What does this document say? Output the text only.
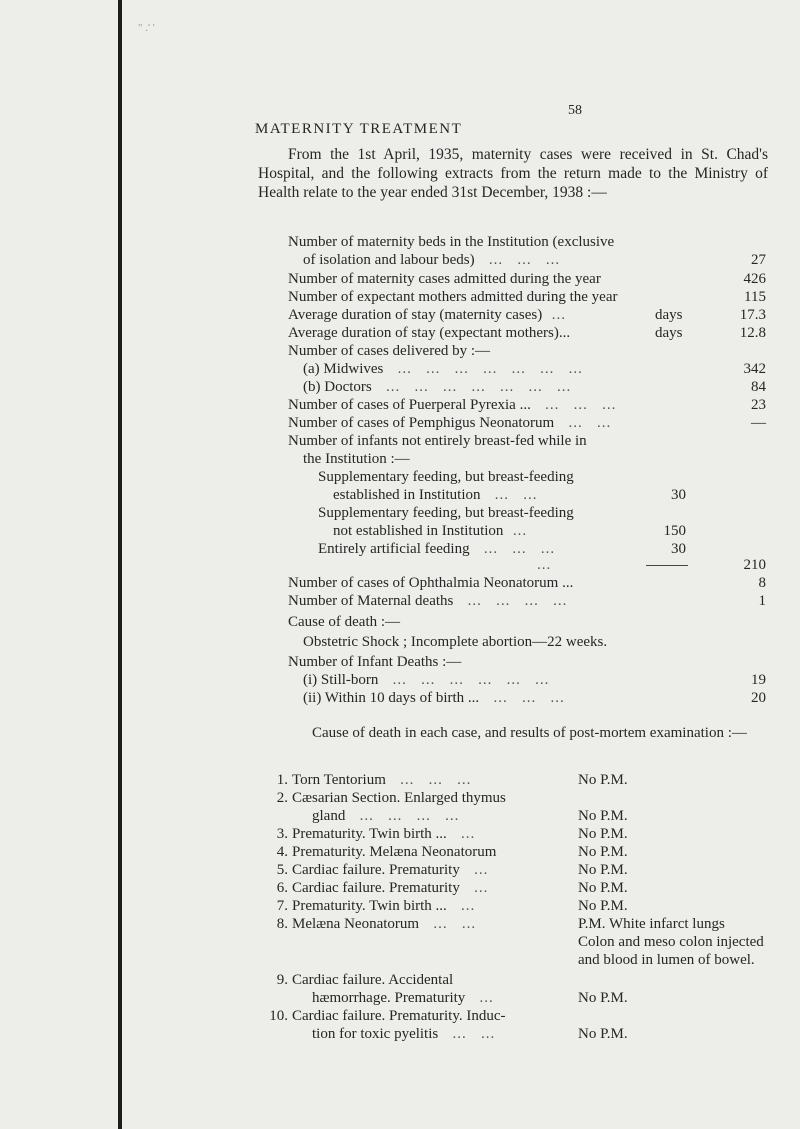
" .' '
58
MATERNITY TREATMENT

From the 1st April, 1935, maternity cases were received in St. Chad's Hospital, and the following extracts from the return made to the Ministry of Health relate to the year ended 31st December, 1938 :—

Number of maternity beds in the Institution (exclusive
of isolation and labour beds)   ...   ...   ...	27
Number of maternity cases admitted during the year	426
Number of expectant mothers admitted during the year	115
Average duration of stay (maternity cases)  ...	days	17.3
Average duration of stay (expectant mothers)...	days	12.8
Number of cases delivered by :—
(a) Midwives   ...   ...   ...   ...   ...   ...   ...	342
(b) Doctors   ...   ...   ...   ...   ...   ...   ...	84
Number of cases of Puerperal Pyrexia ...   ...   ...   ...	23
Number of cases of Pemphigus Neonatorum   ...   ...	—
Number of infants not entirely breast-fed while in
the Institution :—
Supplementary feeding, but breast-feeding
established in Institution   ...   ...	30
Supplementary feeding, but breast-feeding
not established in Institution  ...	150
Entirely artificial feeding   ...   ...   ...	30
...	210
Number of cases of Ophthalmia Neonatorum ...	8
Number of Maternal deaths   ...   ...   ...   ...	1
Cause of death :—
Obstetric Shock ; Incomplete abortion—22 weeks.
Number of Infant Deaths :—
(i) Still-born   ...   ...   ...   ...   ...   ...	19
(ii) Within 10 days of birth ...   ...   ...   ...	20

Cause of death in each case, and results of post-mortem examination :—

1. Torn Tentorium   ...   ...   ...	No P.M.
2. Cæsarian Section. Enlarged thymus
gland   ...   ...   ...   ...	No P.M.
3. Prematurity. Twin birth ...   ...	No P.M.
4. Prematurity. Melæna Neonatorum	No P.M.
5. Cardiac failure. Prematurity   ...	No P.M.
6. Cardiac failure. Prematurity   ...	No P.M.
7. Prematurity. Twin birth ...   ...	No P.M.
8. Melæna Neonatorum   ...   ...	P.M. White infarct lungs
Colon and meso colon injected
and blood in lumen of bowel.
9. Cardiac failure. Accidental
hæmorrhage. Prematurity   ...	No P.M.
10. Cardiac failure. Prematurity. Induc-
tion for toxic pyelitis   ...   ...	No P.M.
